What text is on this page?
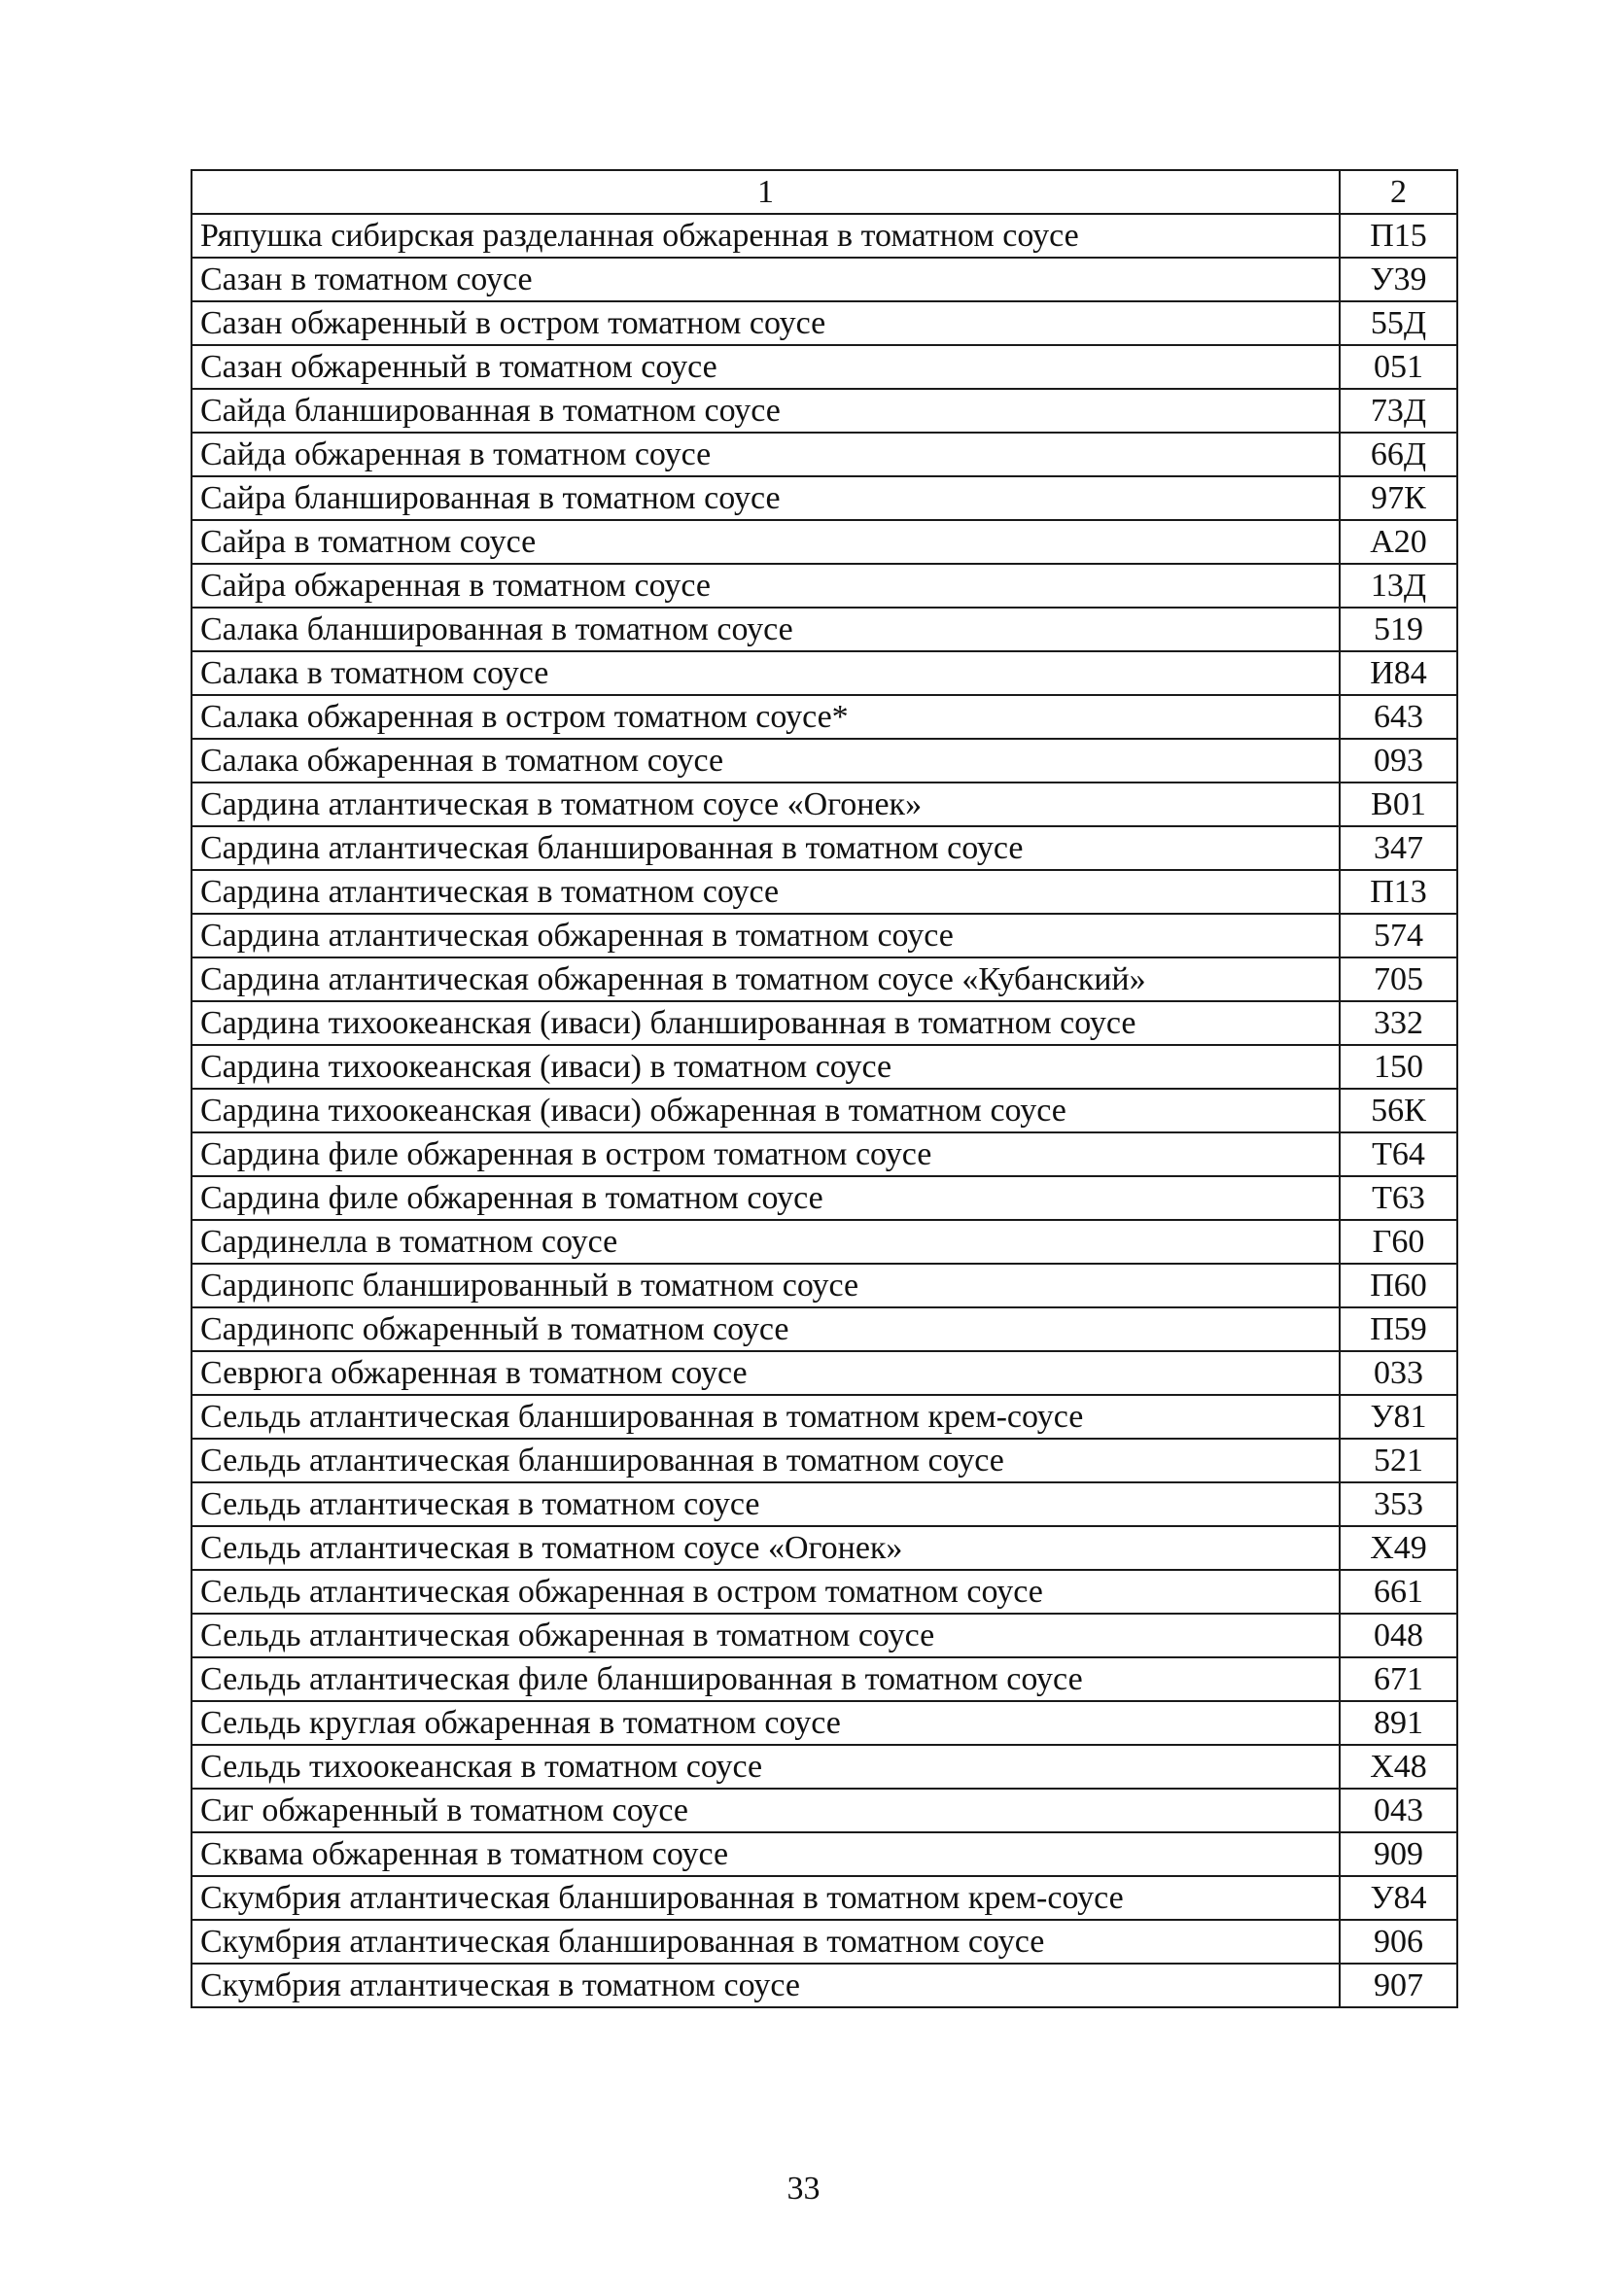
1	2
Ряпушка сибирская разделанная обжаренная в томатном соусе	П15
Сазан в томатном соусе	У39
Сазан обжаренный в остром томатном соусе	55Д
Сазан обжаренный в томатном соусе	051
Сайда бланшированная в томатном соусе	73Д
Сайда обжаренная в томатном соусе	66Д
Сайра бланшированная в томатном соусе	97К
Сайра в томатном соусе	А20
Сайра обжаренная в томатном соусе	13Д
Салака бланшированная в томатном соусе	519
Салака в томатном соусе	И84
Салака обжаренная в остром томатном соусе*	643
Салака обжаренная в томатном соусе	093
Сардина атлантическая в томатном соусе «Огонек»	В01
Сардина атлантическая бланшированная в томатном соусе	347
Сардина атлантическая в томатном соусе	П13
Сардина атлантическая обжаренная в томатном соусе	574
Сардина атлантическая обжаренная в томатном соусе «Кубанский»	705
Сардина тихоокеанская (иваси) бланшированная в томатном соусе	332
Сардина тихоокеанская (иваси) в томатном соусе	150
Сардина тихоокеанская (иваси) обжаренная в томатном соусе	56К
Сардина филе обжаренная в остром томатном соусе	Т64
Сардина филе обжаренная в томатном соусе	Т63
Сардинелла в томатном соусе	Г60
Сардинопс бланшированный в томатном соусе	П60
Сардинопс обжаренный в томатном соусе	П59
Севрюга обжаренная в томатном соусе	033
Сельдь атлантическая бланшированная в томатном крем-соусе	У81
Сельдь атлантическая бланшированная в томатном соусе	521
Сельдь атлантическая в томатном соусе	353
Сельдь атлантическая в томатном соусе «Огонек»	Х49
Сельдь атлантическая обжаренная в остром томатном соусе	661
Сельдь атлантическая обжаренная в томатном соусе	048
Сельдь атлантическая филе бланшированная в томатном соусе	671
Сельдь круглая обжаренная в томатном соусе	891
Сельдь тихоокеанская в томатном соусе	Х48
Сиг обжаренный в томатном соусе	043
Сквама обжаренная в томатном соусе	909
Скумбрия атлантическая бланшированная в томатном крем-соусе	У84
Скумбрия атлантическая бланшированная в томатном соусе	906
Скумбрия атлантическая в томатном соусе	907
33
